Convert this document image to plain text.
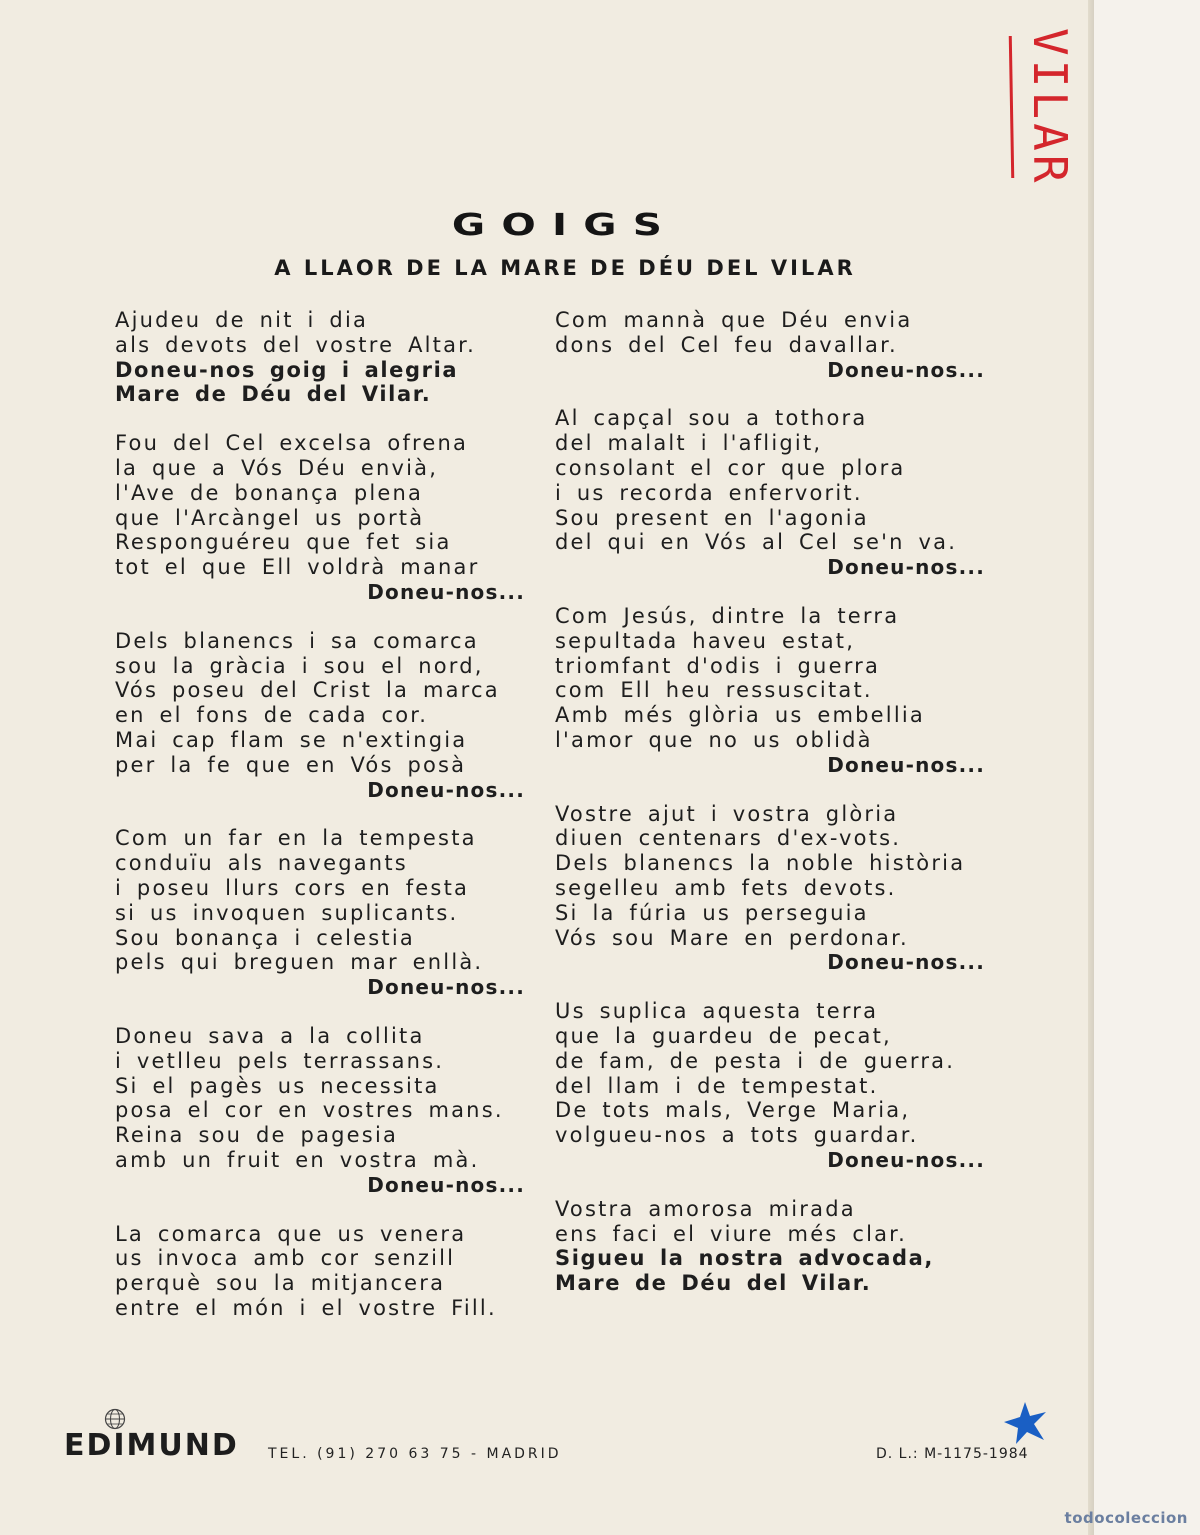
VILAR
GOIGS
A LLAOR DE LA MARE DE DÉU DEL VILAR
Ajudeu de nit i dia
als devots del vostre Altar.
Doneu-nos goig i alegria
Mare de Déu del Vilar.
Fou del Cel excelsa ofrena
la que a Vós Déu envià,
l'Ave de bonança plena
que l'Arcàngel us portà
Responguéreu que fet sia
tot el que Ell voldrà manar
Doneu-nos...
Dels blanencs i sa comarca
sou la gràcia i sou el nord,
Vós poseu del Crist la marca
en el fons de cada cor.
Mai cap flam se n'extingia
per la fe que en Vós posà
Doneu-nos...
Com un far en la tempesta
conduïu als navegants
i poseu llurs cors en festa
si us invoquen suplicants.
Sou bonança i celestia
pels qui breguen mar enllà.
Doneu-nos...
Doneu sava a la collita
i vetlleu pels terrassans.
Si el pagès us necessita
posa el cor en vostres mans.
Reina sou de pagesia
amb un fruit en vostra mà.
Doneu-nos...
La comarca que us venera
us invoca amb cor senzill
perquè sou la mitjancera
entre el món i el vostre Fill.
Com mannà que Déu envia
dons del Cel feu davallar.
Doneu-nos...
Al capçal sou a tothora
del malalt i l'afligit,
consolant el cor que plora
i us recorda enfervorit.
Sou present en l'agonia
del qui en Vós al Cel se'n va.
Doneu-nos...
Com Jesús, dintre la terra
sepultada haveu estat,
triomfant d'odis i guerra
com Ell heu ressuscitat.
Amb més glòria us embellia
l'amor que no us oblidà
Doneu-nos...
Vostre ajut i vostra glòria
diuen centenars d'ex-vots.
Dels blanencs la noble història
segelleu amb fets devots.
Si la fúria us perseguia
Vós sou Mare en perdonar.
Doneu-nos...
Us suplica aquesta terra
que la guardeu de pecat,
de fam, de pesta i de guerra.
del llam i de tempestat.
De tots mals, Verge Maria,
volgueu-nos a tots guardar.
Doneu-nos...
Vostra amorosa mirada
ens faci el viure més clar.
Sigueu la nostra advocada,
Mare de Déu del Vilar.
EDIMUND TEL. (91) 270 63 75 - MADRID	D. L.: M-1175-1984
todocoleccion
